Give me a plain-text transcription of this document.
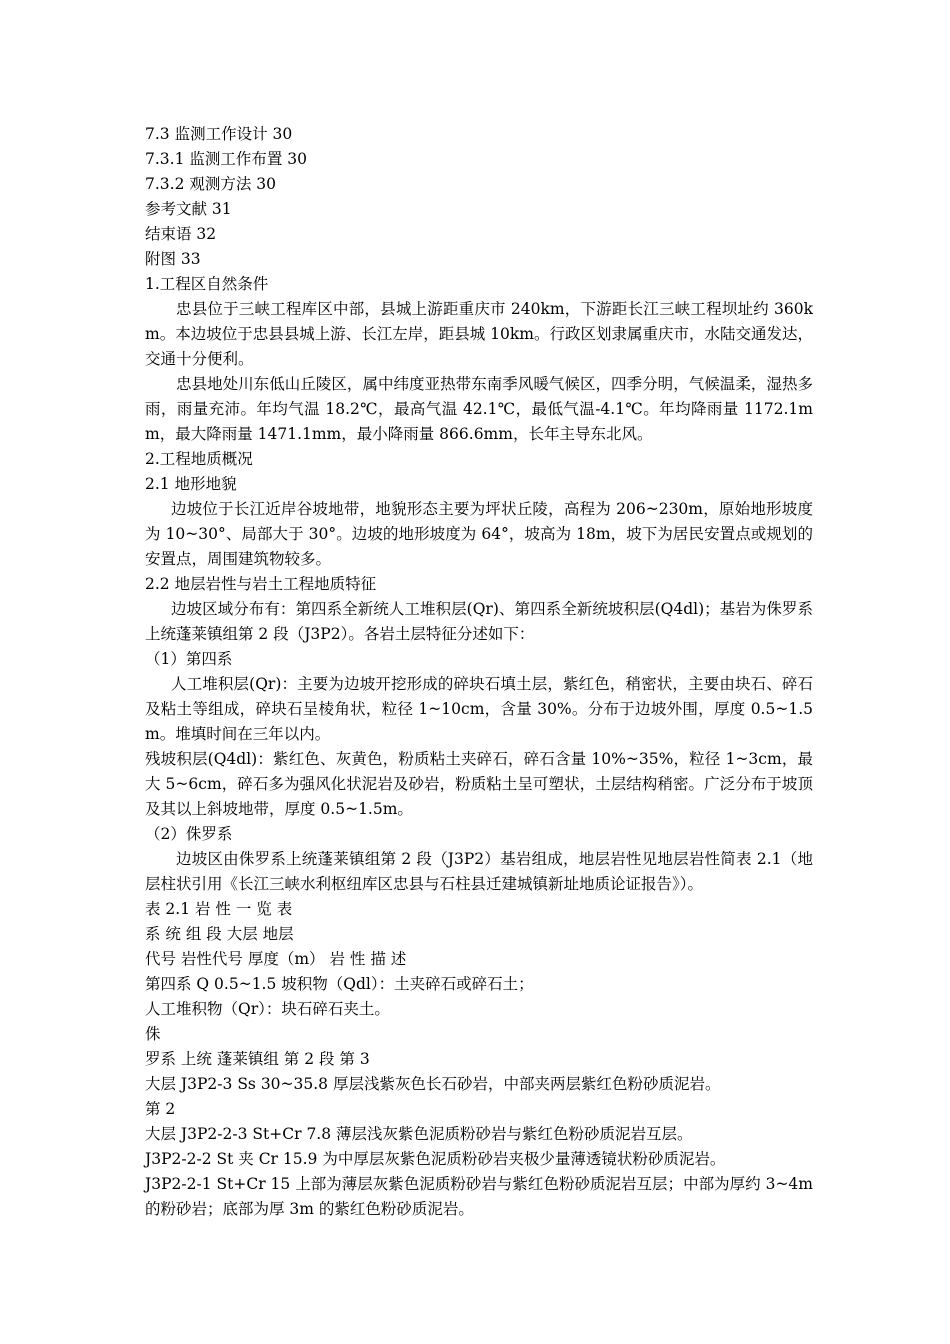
7.3 监测工作设计 30

7.3.1 监测工作布置 30

7.3.2 观测方法 30

参考文献 31

结束语 32

附图 33

1.工程区自然条件

忠县位于三峡工程库区中部，县城上游距重庆市 240km，下游距长江三峡工程坝址约 360km。本边坡位于忠县县城上游、长江左岸，距县城 10km。行政区划隶属重庆市，水陆交通发达，交通十分便利。

忠县地处川东低山丘陵区，属中纬度亚热带东南季风暖气候区，四季分明，气候温柔，湿热多雨，雨量充沛。年均气温 18.2℃，最高气温 42.1℃，最低气温-4.1℃。年均降雨量 1172.1mm，最大降雨量 1471.1mm，最小降雨量 866.6mm，长年主导东北风。

2.工程地质概况

2.1 地形地貌

边坡位于长江近岸谷坡地带，地貌形态主要为坪状丘陵，高程为 206~230m，原始地形坡度为 10~30°、局部大于 30°。边坡的地形坡度为 64°，坡高为 18m，坡下为居民安置点或规划的安置点，周围建筑物较多。

2.2 地层岩性与岩土工程地质特征

边坡区域分布有：第四系全新统人工堆积层(Qr)、第四系全新统坡积层(Q4dl)；基岩为侏罗系上统蓬莱镇组第 2 段（J3P2）。各岩土层特征分述如下：

（1）第四系

人工堆积层(Qr)：主要为边坡开挖形成的碎块石填土层，紫红色，稍密状，主要由块石、碎石及粘土等组成，碎块石呈棱角状，粒径 1~10cm，含量 30%。分布于边坡外围，厚度 0.5~1.5m。堆填时间在三年以内。

残坡积层(Q4dl)：紫红色、灰黄色，粉质粘土夹碎石，碎石含量 10%~35%，粒径 1~3cm，最大 5~6cm，碎石多为强风化状泥岩及砂岩，粉质粘土呈可塑状，土层结构稍密。广泛分布于坡顶及其以上斜坡地带，厚度 0.5~1.5m。

（2）侏罗系

边坡区由侏罗系上统蓬莱镇组第 2 段（J3P2）基岩组成，地层岩性见地层岩性简表 2.1（地层柱状引用《长江三峡水利枢纽库区忠县与石柱县迁建城镇新址地质论证报告》）。

表 2.1 岩 性 一 览 表

系 统 组 段 大层 地层

代号 岩性代号 厚度（m） 岩 性 描 述

第四系 Q 0.5~1.5 坡积物（Qdl）：土夹碎石或碎石土；

人工堆积物（Qr）：块石碎石夹土。

侏

罗系 上统 蓬莱镇组 第 2 段 第 3

大层 J3P2-3 Ss 30~35.8 厚层浅紫灰色长石砂岩，中部夹两层紫红色粉砂质泥岩。

第 2

大层 J3P2-2-3 St+Cr 7.8 薄层浅灰紫色泥质粉砂岩与紫红色粉砂质泥岩互层。

J3P2-2-2 St 夹 Cr 15.9 为中厚层灰紫色泥质粉砂岩夹极少量薄透镜状粉砂质泥岩。

J3P2-2-1 St+Cr 15 上部为薄层灰紫色泥质粉砂岩与紫红色粉砂质泥岩互层；中部为厚约 3~4m 的粉砂岩；底部为厚 3m 的紫红色粉砂质泥岩。
